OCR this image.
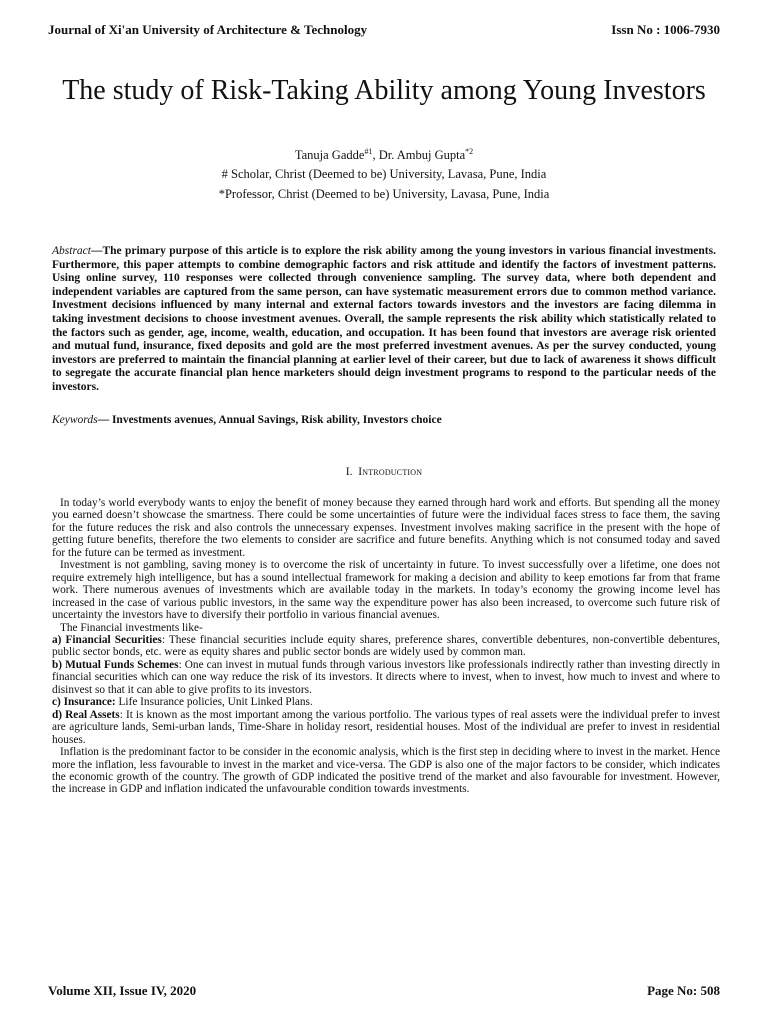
Journal of Xi'an University of Architecture & Technology	Issn No : 1006-7930
The study of Risk-Taking Ability among Young Investors
Tanuja Gadde$^{\#1}$, Dr. Ambuj Gupta$^{*2}$
# Scholar, Christ (Deemed to be) University, Lavasa, Pune, India
*Professor, Christ (Deemed to be) University, Lavasa, Pune, India
Abstract—The primary purpose of this article is to explore the risk ability among the young investors in various financial investments. Furthermore, this paper attempts to combine demographic factors and risk attitude and identify the factors of investment patterns. Using online survey, 110 responses were collected through convenience sampling. The survey data, where both dependent and independent variables are captured from the same person, can have systematic measurement errors due to common method variance. Investment decisions influenced by many internal and external factors towards investors and the investors are facing dilemma in taking investment decisions to choose investment avenues. Overall, the sample represents the risk ability which statistically related to the factors such as gender, age, income, wealth, education, and occupation. It has been found that investors are average risk oriented and mutual fund, insurance, fixed deposits and gold are the most preferred investment avenues. As per the survey conducted, young investors are preferred to maintain the financial planning at earlier level of their career, but due to lack of awareness it shows difficult to segregate the accurate financial plan hence marketers should deign investment programs to respond to the particular needs of the investors.
Keywords— Investments avenues, Annual Savings, Risk ability, Investors choice
I. Introduction

In today’s world everybody wants to enjoy the benefit of money because they earned through hard work and efforts. But spending all the money you earned doesn’t showcase the smartness. There could be some uncertainties of future were the individual faces stress to face them, the saving for the future reduces the risk and also controls the unnecessary expenses. Investment involves making sacrifice in the present with the hope of getting future benefits, therefore the two elements to consider are sacrifice and future benefits. Anything which is not consumed today and saved for the future can be termed as investment.

Investment is not gambling, saving money is to overcome the risk of uncertainty in future. To invest successfully over a lifetime, one does not require extremely high intelligence, but has a sound intellectual framework for making a decision and ability to keep emotions far from that frame work. There numerous avenues of investments which are available today in the markets. In today’s economy the growing income level has increased in the case of various public investors, in the same way the expenditure power has also been increased, to overcome such future risk of uncertainty the investors have to diversify their portfolio in various financial avenues.

The Financial investments like-

a) Financial Securities: These financial securities include equity shares, preference shares, convertible debentures, non-convertible debentures, public sector bonds, etc. were as equity shares and public sector bonds are widely used by common man.

b) Mutual Funds Schemes: One can invest in mutual funds through various investors like professionals indirectly rather than investing directly in financial securities which can one way reduce the risk of its investors. It directs where to invest, when to invest, how much to invest and where to disinvest so that it can able to give profits to its investors.

c) Insurance: Life Insurance policies, Unit Linked Plans.

d) Real Assets: It is known as the most important among the various portfolio. The various types of real assets were the individual prefer to invest are agriculture lands, Semi-urban lands, Time-Share in holiday resort, residential houses. Most of the individual are prefer to invest in residential houses.

Inflation is the predominant factor to be consider in the economic analysis, which is the first step in deciding where to invest in the market. Hence more the inflation, less favourable to invest in the market and vice-versa. The GDP is also one of the major factors to be consider, which indicates the economic growth of the country. The growth of GDP indicated the positive trend of the market and also favourable for investment. However, the increase in GDP and inflation indicated the unfavourable condition towards investments.

Volume XII, Issue IV, 2020	Page No: 508
